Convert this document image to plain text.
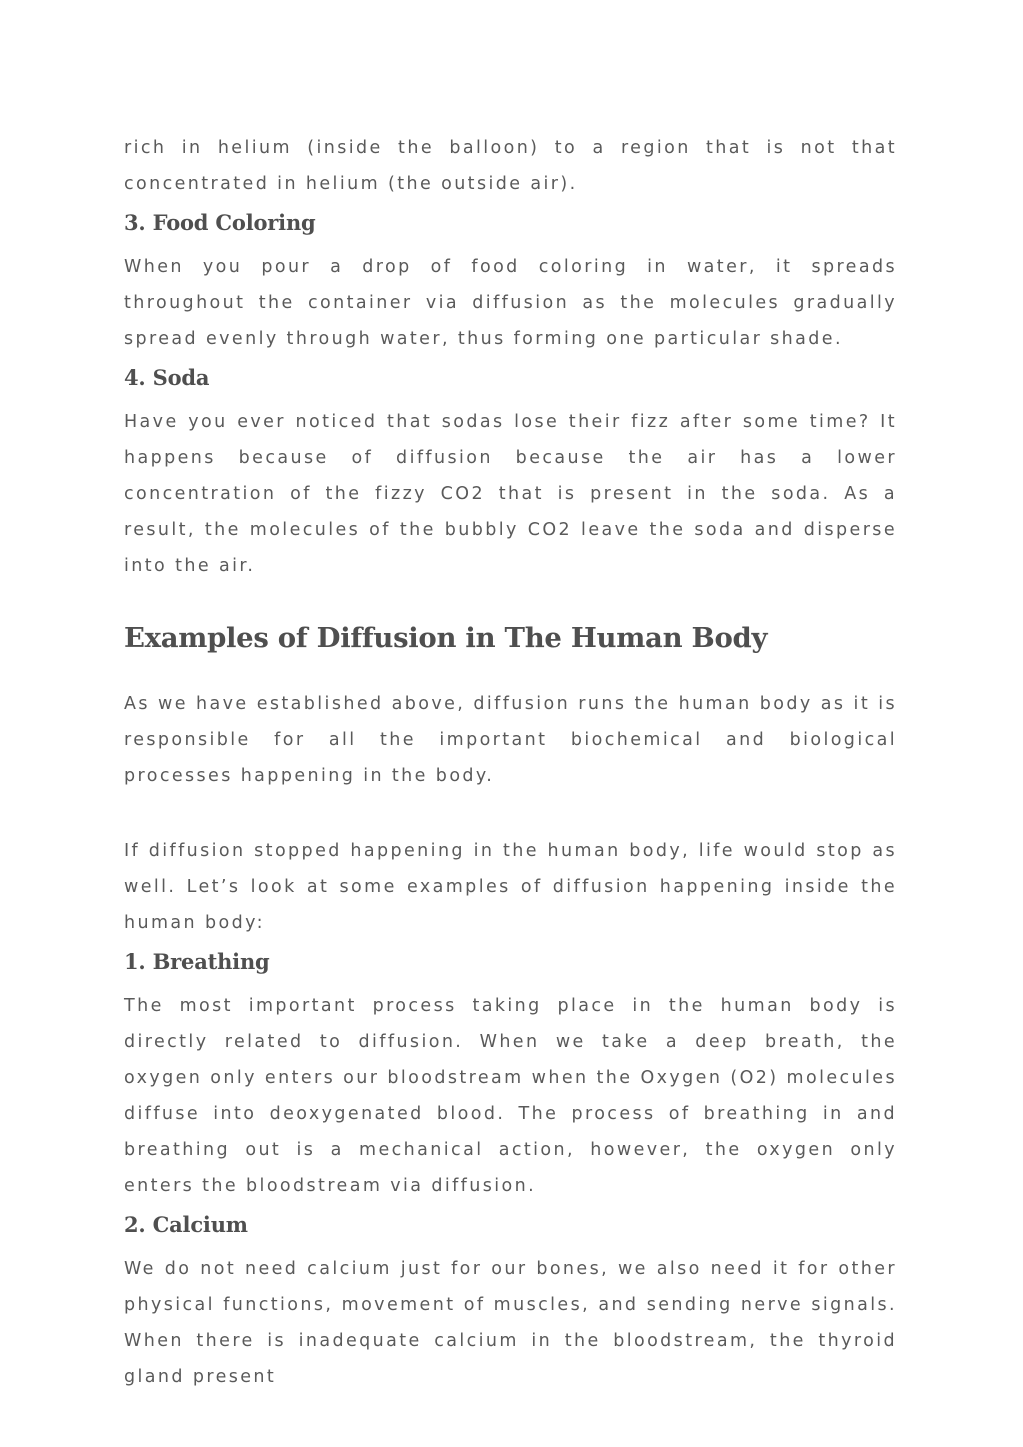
rich in helium (inside the balloon) to a region that is not that concentrated in helium (the outside air).

3. Food Coloring

When you pour a drop of food coloring in water, it spreads throughout the container via diffusion as the molecules gradually spread evenly through water, thus forming one particular shade.

4. Soda

Have you ever noticed that sodas lose their fizz after some time? It happens because of diffusion because the air has a lower concentration of the fizzy CO2 that is present in the soda. As a result, the molecules of the bubbly CO2 leave the soda and disperse into the air.

Examples of Diffusion in The Human Body

As we have established above, diffusion runs the human body as it is responsible for all the important biochemical and biological processes happening in the body.

If diffusion stopped happening in the human body, life would stop as well. Let’s look at some examples of diffusion happening inside the human body:

1. Breathing

The most important process taking place in the human body is directly related to diffusion. When we take a deep breath, the oxygen only enters our bloodstream when the Oxygen (O2) molecules diffuse into deoxygenated blood. The process of breathing in and breathing out is a mechanical action, however, the oxygen only enters the bloodstream via diffusion.

2. Calcium

We do not need calcium just for our bones, we also need it for other physical functions, movement of muscles, and sending nerve signals. When there is inadequate calcium in the bloodstream, the thyroid gland present
